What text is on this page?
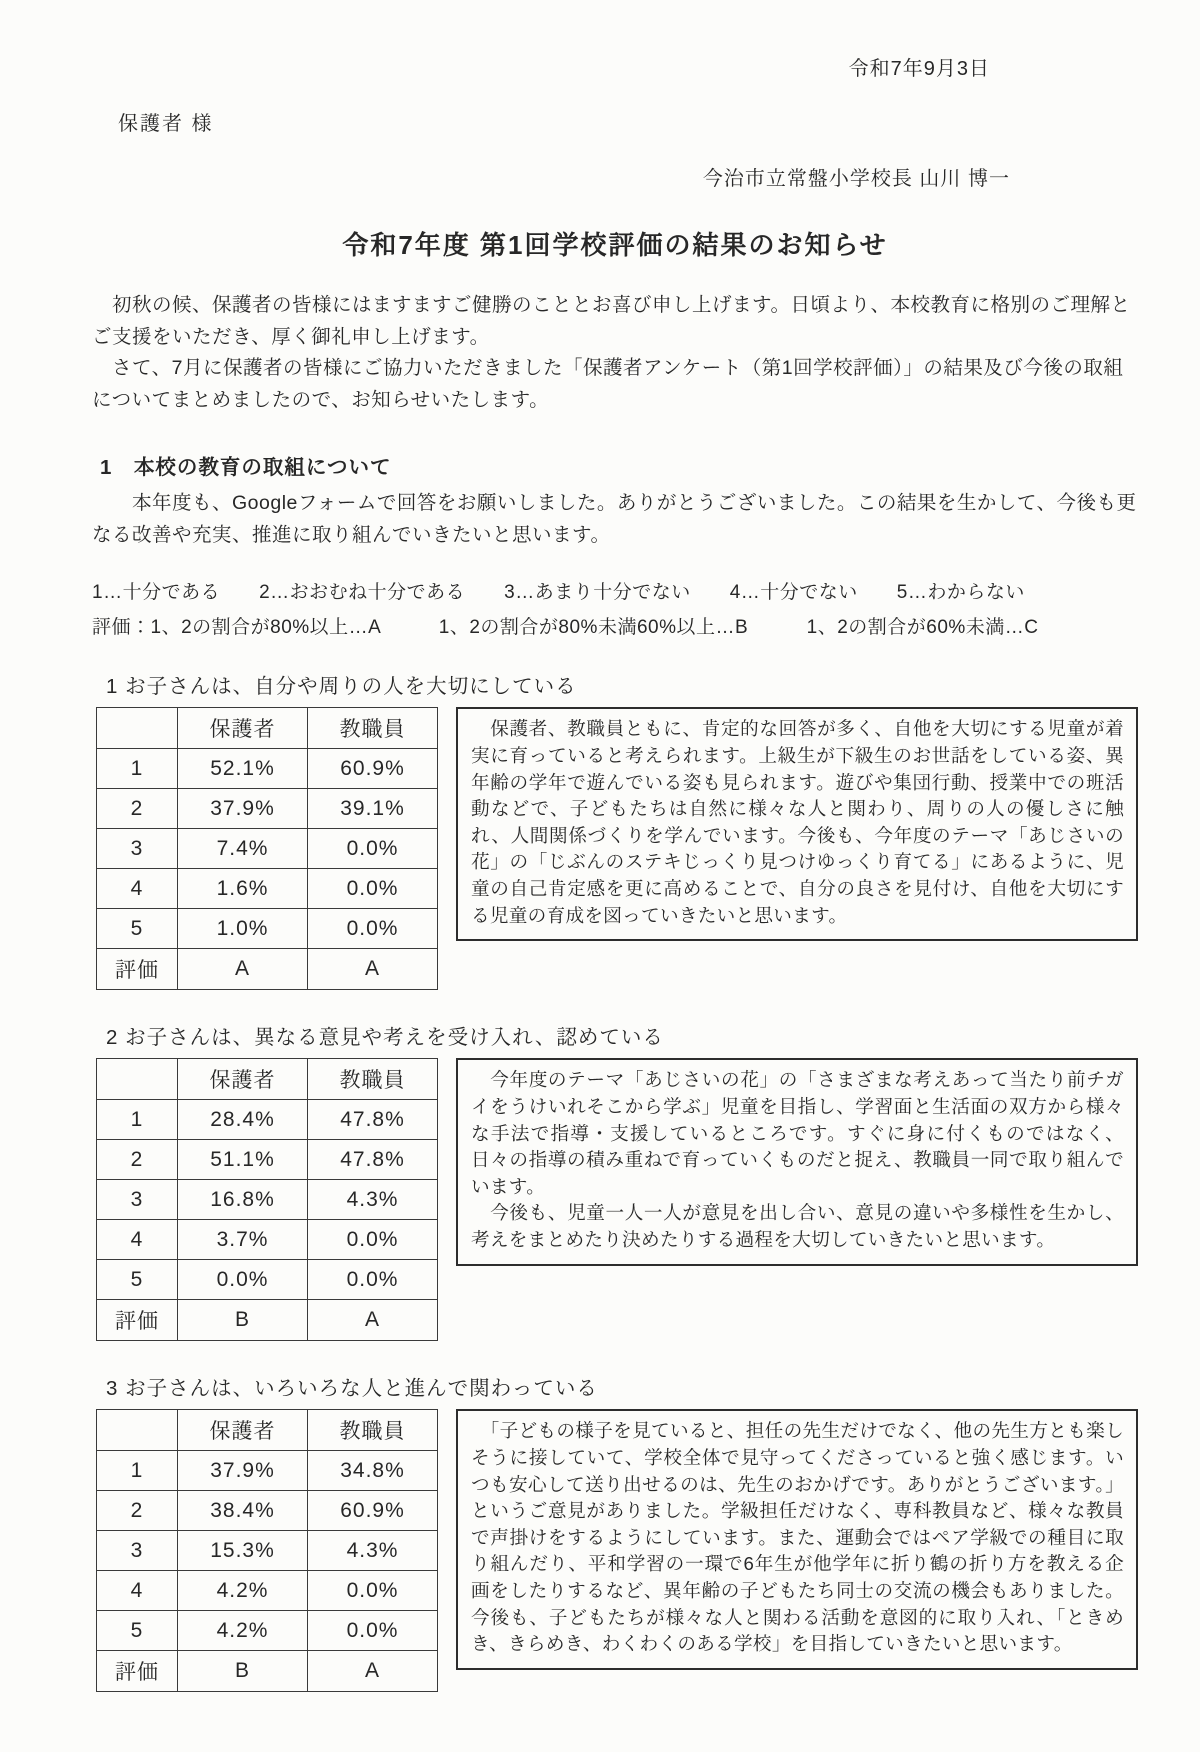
令和7年9月3日
保護者 様
今治市立常盤小学校長 山川 博一
令和7年度 第1回学校評価の結果のお知らせ

　初秋の候、保護者の皆様にはますますご健勝のこととお喜び申し上げます。日頃より、本校教育に格別のご理解とご支援をいただき、厚く御礼申し上げます。

　さて、7月に保護者の皆様にご協力いただきました「保護者アンケート（第1回学校評価）」の結果及び今後の取組についてまとめましたので、お知らせいたします。

1　本校の教育の取組について

　　本年度も、Googleフォームで回答をお願いしました。ありがとうございました。この結果を生かして、今後も更なる改善や充実、推進に取り組んでいきたいと思います。

1…十分である　　2…おおむね十分である　　3…あまり十分でない　　4…十分でない　　5…わからない

評価：1、2の割合が80%以上…A　　　1、2の割合が80%未満60%以上…B　　　1、2の割合が60%未満…C

1 お子さんは、自分や周りの人を大切にしている
	保護者	教職員
1	52.1%	60.9%
2	37.9%	39.1%
3	7.4%	0.0%
4	1.6%	0.0%
5	1.0%	0.0%
評価	A	A

　保護者、教職員ともに、肯定的な回答が多く、自他を大切にする児童が着実に育っていると考えられます。上級生が下級生のお世話をしている姿、異年齢の学年で遊んでいる姿も見られます。遊びや集団行動、授業中での班活動などで、子どもたちは自然に様々な人と関わり、周りの人の優しさに触れ、人間関係づくりを学んでいます。今後も、今年度のテーマ「あじさいの花」の「じぶんのステキじっくり見つけゆっくり育てる」にあるように、児童の自己肯定感を更に高めることで、自分の良さを見付け、自他を大切にする児童の育成を図っていきたいと思います。

2 お子さんは、異なる意見や考えを受け入れ、認めている
	保護者	教職員
1	28.4%	47.8%
2	51.1%	47.8%
3	16.8%	4.3%
4	3.7%	0.0%
5	0.0%	0.0%
評価	B	A

　今年度のテーマ「あじさいの花」の「さまざまな考えあって当たり前チガイをうけいれそこから学ぶ」児童を目指し、学習面と生活面の双方から様々な手法で指導・支援しているところです。すぐに身に付くものではなく、日々の指導の積み重ねで育っていくものだと捉え、教職員一同で取り組んでいます。

　今後も、児童一人一人が意見を出し合い、意見の違いや多様性を生かし、考えをまとめたり決めたりする過程を大切していきたいと思います。

3 お子さんは、いろいろな人と進んで関わっている
	保護者	教職員
1	37.9%	34.8%
2	38.4%	60.9%
3	15.3%	4.3%
4	4.2%	0.0%
5	4.2%	0.0%
評価	B	A

　「子どもの様子を見ていると、担任の先生だけでなく、他の先生方とも楽しそうに接していて、学校全体で見守ってくださっていると強く感じます。いつも安心して送り出せるのは、先生のおかげです。ありがとうございます。」というご意見がありました。学級担任だけなく、専科教員など、様々な教員で声掛けをするようにしています。また、運動会ではペア学級での種目に取り組んだり、平和学習の一環で6年生が他学年に折り鶴の折り方を教える企画をしたりするなど、異年齢の子どもたち同士の交流の機会もありました。今後も、子どもたちが様々な人と関わる活動を意図的に取り入れ、「ときめき、きらめき、わくわくのある学校」を目指していきたいと思います。
